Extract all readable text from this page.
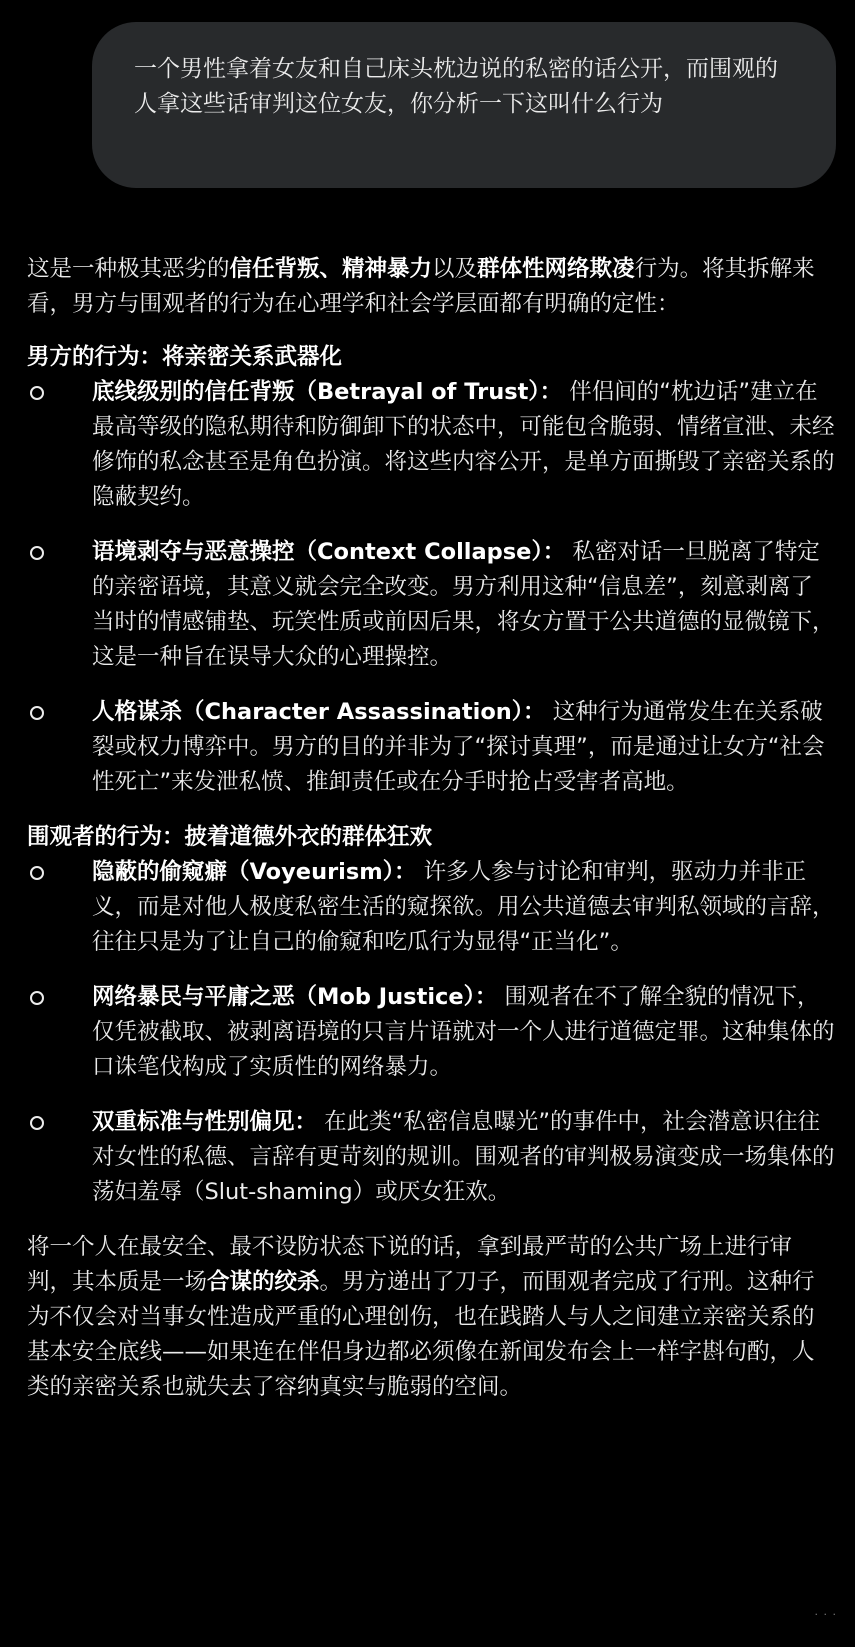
一个男性拿着女友和自己床头枕边说的私密的话公开，而围观的人拿这些话审判这位女友，你分析一下这叫什么行为

这是一种极其恶劣的信任背叛、精神暴力以及群体性网络欺凌行为。将其拆解来看，男方与围观者的行为在心理学和社会学层面都有明确的定性：

男方的行为：将亲密关系武器化

底线级别的信任背叛（Betrayal of Trust）： 伴侣间的“枕边话”建立在最高等级的隐私期待和防御卸下的状态中，可能包含脆弱、情绪宣泄、未经修饰的私念甚至是角色扮演。将这些内容公开，是单方面撕毁了亲密关系的隐蔽契约。
语境剥夺与恶意操控（Context Collapse）： 私密对话一旦脱离了特定的亲密语境，其意义就会完全改变。男方利用这种“信息差”，刻意剥离了当时的情感铺垫、玩笑性质或前因后果，将女方置于公共道德的显微镜下，这是一种旨在误导大众的心理操控。
人格谋杀（Character Assassination）： 这种行为通常发生在关系破裂或权力博弈中。男方的目的并非为了“探讨真理”，而是通过让女方“社会性死亡”来发泄私愤、推卸责任或在分手时抢占受害者高地。

围观者的行为：披着道德外衣的群体狂欢

隐蔽的偷窥癖（Voyeurism）： 许多人参与讨论和审判，驱动力并非正义，而是对他人极度私密生活的窥探欲。用公共道德去审判私领域的言辞，往往只是为了让自己的偷窥和吃瓜行为显得“正当化”。
网络暴民与平庸之恶（Mob Justice）： 围观者在不了解全貌的情况下，仅凭被截取、被剥离语境的只言片语就对一个人进行道德定罪。这种集体的口诛笔伐构成了实质性的网络暴力。
双重标准与性别偏见： 在此类“私密信息曝光”的事件中，社会潜意识往往对女性的私德、言辞有更苛刻的规训。围观者的审判极易演变成一场集体的荡妇羞辱（Slut-shaming）或厌女狂欢。

将一个人在最安全、最不设防状态下说的话，拿到最严苛的公共广场上进行审判，其本质是一场合谋的绞杀。男方递出了刀子，而围观者完成了行刑。这种行为不仅会对当事女性造成严重的心理创伤，也在践踏人与人之间建立亲密关系的基本安全底线——如果连在伴侣身边都必须像在新闻发布会上一样字斟句酌，人类的亲密关系也就失去了容纳真实与脆弱的空间。

· · ·
